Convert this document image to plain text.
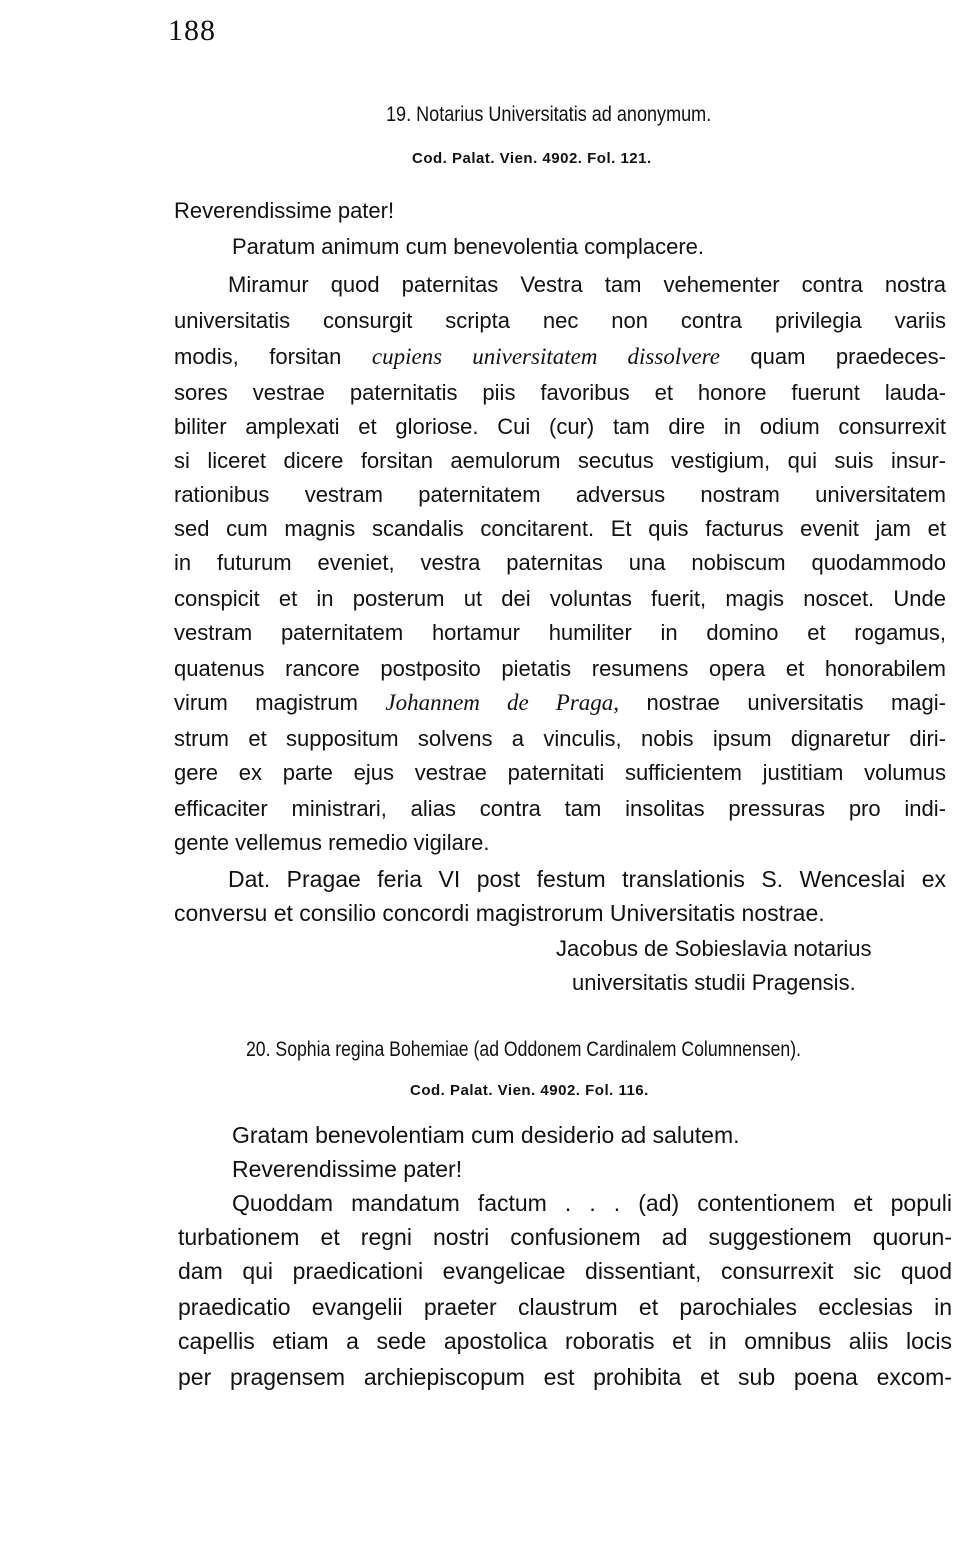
188
19. Notarius Universitatis ad anonymum.
Cod. Palat. Vien. 4902. Fol. 121.
Reverendissime pater!
Paratum animum cum benevolentia complacere.
Miramur quod paternitas Vestra tam vehementer contra nostra
universitatis consurgit scripta nec non contra privilegia variis
modis, forsitan cupiens universitatem dissolvere quam praedeces-
sores vestrae paternitatis piis favoribus et honore fuerunt lauda-
biliter amplexati et gloriose. Cui (cur) tam dire in odium consurrexit
si liceret dicere forsitan aemulorum secutus vestigium, qui suis insur-
rationibus vestram paternitatem adversus nostram universitatem
sed cum magnis scandalis concitarent. Et quis facturus evenit jam et
in futurum eveniet, vestra paternitas una nobiscum quodammodo
conspicit et in posterum ut dei voluntas fuerit, magis noscet. Unde
vestram paternitatem hortamur humiliter in domino et rogamus,
quatenus rancore postposito pietatis resumens opera et honorabilem
virum magistrum Johannem de Praga, nostrae universitatis magi-
strum et suppositum solvens a vinculis, nobis ipsum dignaretur diri-
gere ex parte ejus vestrae paternitati sufficientem justitiam volumus
efficaciter ministrari, alias contra tam insolitas pressuras pro indi-
gente vellemus remedio vigilare.
Dat. Pragae feria VI post festum translationis S. Wenceslai ex
conversu et consilio concordi magistrorum Universitatis nostrae.
Jacobus de Sobieslavia notarius
universitatis studii Pragensis.
20. Sophia regina Bohemiae (ad Oddonem Cardinalem Columnensen).
Cod. Palat. Vien. 4902. Fol. 116.
Gratam benevolentiam cum desiderio ad salutem.
Reverendissime pater!
Quoddam mandatum factum . . . (ad) contentionem et populi
turbationem et regni nostri confusionem ad suggestionem quorun-
dam qui praedicationi evangelicae dissentiant, consurrexit sic quod
praedicatio evangelii praeter claustrum et parochiales ecclesias in
capellis etiam a sede apostolica roboratis et in omnibus aliis locis
per pragensem archiepiscopum est prohibita et sub poena excom-
